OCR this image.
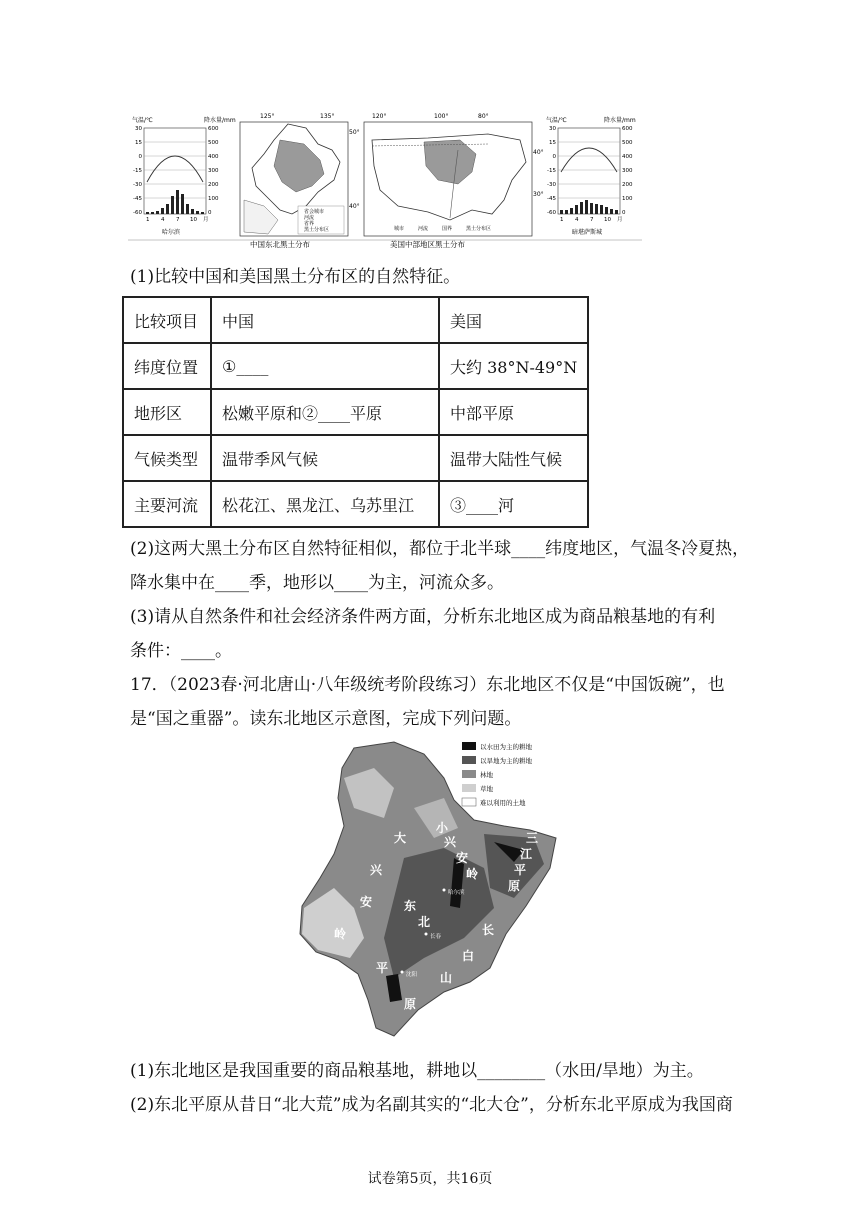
气温/℃	降水量/mm
30
15
0
-15
-30
-45
-60
600
500
400
300
200
100
0
1 4 7 10 月
哈尔滨
125°	135°
50°
40°
省会城市
河流
省界
黑土分布区
中国东北黑土分布
120°	100°	80°
40°
30°
城市	河流	国界	黑土分布区
美国中部地区黑土分布
气温/℃	降水量/mm
30
15
0
-15
-30
-45
-60
600
500
400
300
200
100
0
1 4 7 10 月
暗堪萨斯城
(1)比较中国和美国黑土分布区的自然特征。
比较项目	中国	美国
纬度位置	①____	大约 38°N-49°N
地形区	松嫩平原和②____平原	中部平原
气候类型	温带季风气候	温带大陆性气候
主要河流	松花江、黑龙江、乌苏里江	③____河
(2)这两大黑土分布区自然特征相似，都位于北半球____纬度地区，气温冬冷夏热，
降水集中在____季，地形以____为主，河流众多。
(3)请从自然条件和社会经济条件两方面，分析东北地区成为商品粮基地的有利
条件：____。
17．（2023春·河北唐山·八年级统考阶段练习）东北地区不仅是“中国饭碗”，也
是“国之重器”。读东北地区示意图，完成下列问题。
以水田为主的耕地
以旱地为主的耕地
林地
草地
难以利用的土地
大
兴
安
岭
小
兴
安
岭
三
江
平
原
长
白
山
东
北
平
原
哈尔滨
长春
沈阳
(1)东北地区是我国重要的商品粮基地，耕地以________（水田/旱地）为主。
(2)东北平原从昔日“北大荒”成为名副其实的“北大仓”，分析东北平原成为我国商
试卷第5页，共16页
